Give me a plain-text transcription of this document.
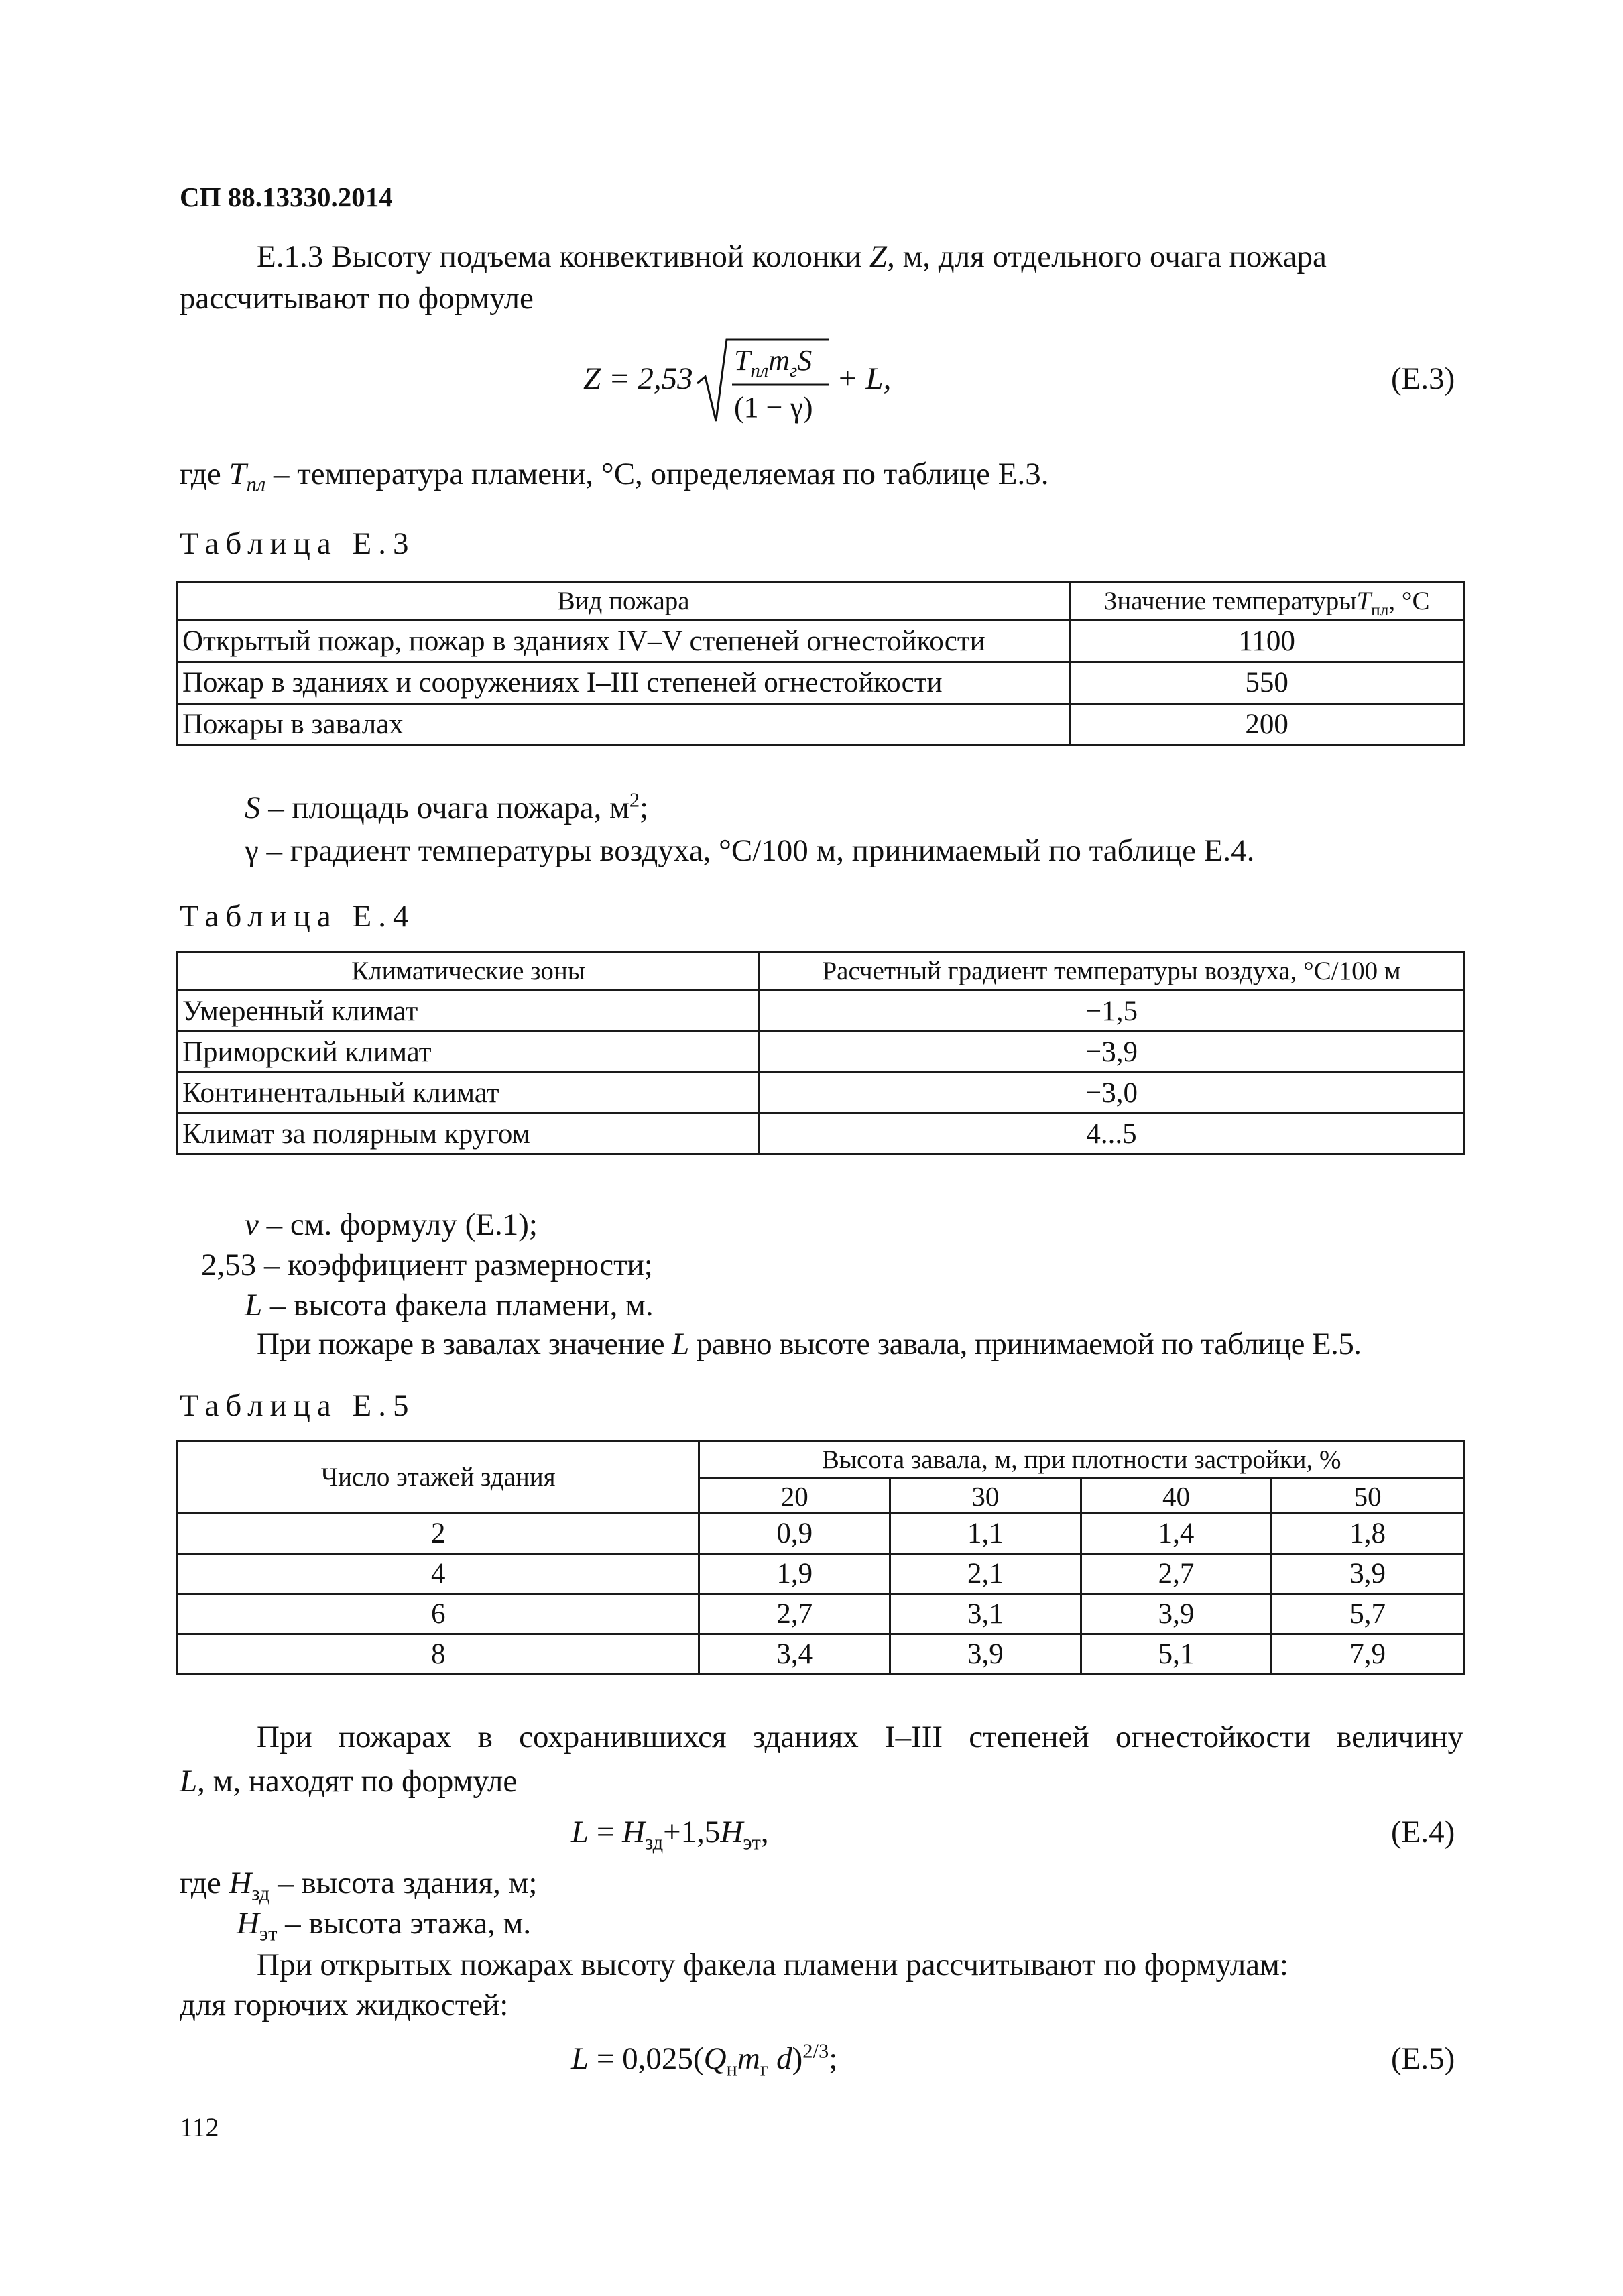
СП 88.13330.2014
Е.1.3 Высоту подъема конвективной колонки Z, м, для отдельного очага пожара
рассчитывают по формуле
Z = 2,53
$T_{пл}m_гS$
(1 − γ)
+ L,	(Е.3)
где $T_{пл}$ – температура пламени, °С, определяемая по таблице Е.3.
Таблица Е.3
Вид пожара	Значение температурыT$_{пл}$, °С
Открытый пожар, пожар в зданиях IV–V степеней огнестойкости	1100
Пожар в зданиях и сооружениях I–III степеней огнестойкости	550
Пожары в завалах	200
S – площадь очага пожара, $м^2$;
γ – градиент температуры воздуха, °С/100 м, принимаемый по таблице Е.4.
Таблица Е.4
Климатические зоны	Расчетный градиент температуры воздуха, °С/100 м
Умеренный климат	−1,5
Приморский климат	−3,9
Континентальный климат	−3,0
Климат за полярным кругом	4...5
v – см. формулу (Е.1);
2,53 – коэффициент размерности;
L – высота факела пламени, м.
При пожаре в завалах значение L равно высоте завала, принимаемой по таблице Е.5.
Таблица Е.5
Число этажей здания	Высота завала, м, при плотности застройки, %			
	20	30	40	50
2	0,9	1,1	1,4	1,8
4	1,9	2,1	2,7	3,9
6	2,7	3,1	3,9	5,7
8	3,4	3,9	5,1	7,9
При пожарах в сохранившихся зданиях I–III степеней огнестойкости величину
L, м, находят по формуле
$L = H_{зд}+1,5H_{эт}$,	(Е.4)
где $H_{зд}$ – высота здания, м;
$H_{эт}$ – высота этажа, м.
При открытых пожарах высоту факела пламени рассчитывают по формулам:
для горючих жидкостей:
$L = 0,025(Q_нm_г$ d)$^{2/3}$;	(Е.5)
112
